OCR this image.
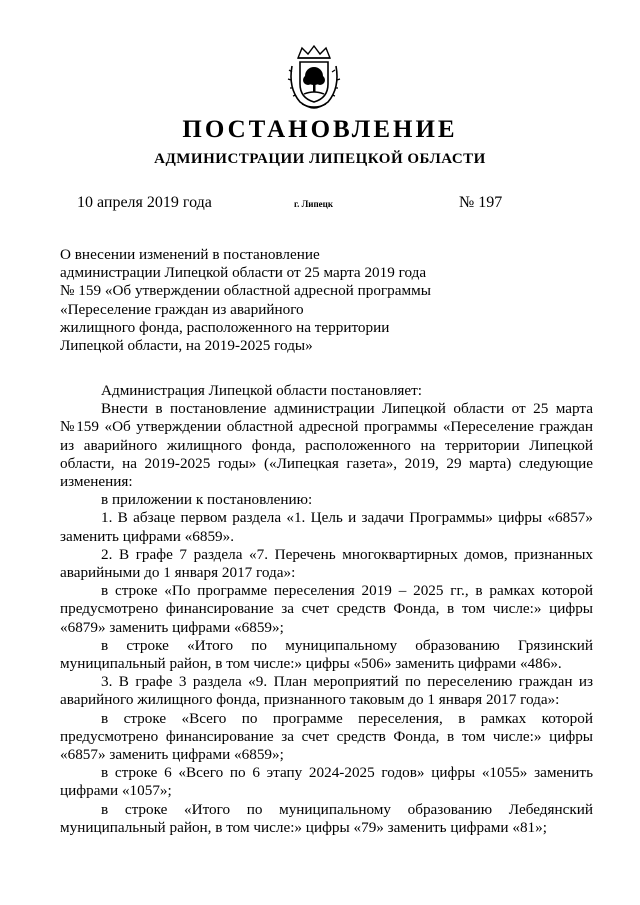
ПОСТАНОВЛЕНИЕ
АДМИНИСТРАЦИИ ЛИПЕЦКОЙ ОБЛАСТИ
10 апреля 2019 года	г. Липецк	№ 197
О внесении изменений в постановление
администрации Липецкой области от 25 марта 2019 года
№ 159 «Об утверждении областной адресной программы
«Переселение граждан из аварийного
жилищного фонда, расположенного на территории
Липецкой области, на 2019-2025 годы»

Администрация Липецкой области постановляет:

Внести в постановление администрации Липецкой области от 25 марта №159 «Об утверждении областной адресной программы «Переселение граждан из аварийного жилищного фонда, расположенного на территории Липецкой области, на 2019-2025 годы» («Липецкая газета», 2019, 29 марта) следующие изменения:

в приложении к постановлению:

1. В абзаце первом раздела «1. Цель и задачи Программы» цифры «6857» заменить цифрами «6859».

2. В графе 7 раздела «7. Перечень многоквартирных домов, признанных аварийными до 1 января 2017 года»:

в строке «По программе переселения 2019 – 2025 гг., в рамках которой предусмотрено финансирование за счет средств Фонда, в том числе:» цифры «6879» заменить цифрами «6859»;

в строке «Итого по муниципальному образованию Грязинский муниципальный район, в том числе:» цифры «506» заменить цифрами «486».

3. В графе 3 раздела «9. План мероприятий по переселению граждан из аварийного жилищного фонда, признанного таковым до 1 января 2017 года»:

в строке «Всего по программе переселения, в рамках которой предусмотрено финансирование за счет средств Фонда, в том числе:» цифры «6857» заменить цифрами «6859»;

в строке 6 «Всего по 6 этапу 2024-2025 годов» цифры «1055» заменить цифрами «1057»;

в строке «Итого по муниципальному образованию Лебедянский муниципальный район, в том числе:» цифры «79» заменить цифрами «81»;
